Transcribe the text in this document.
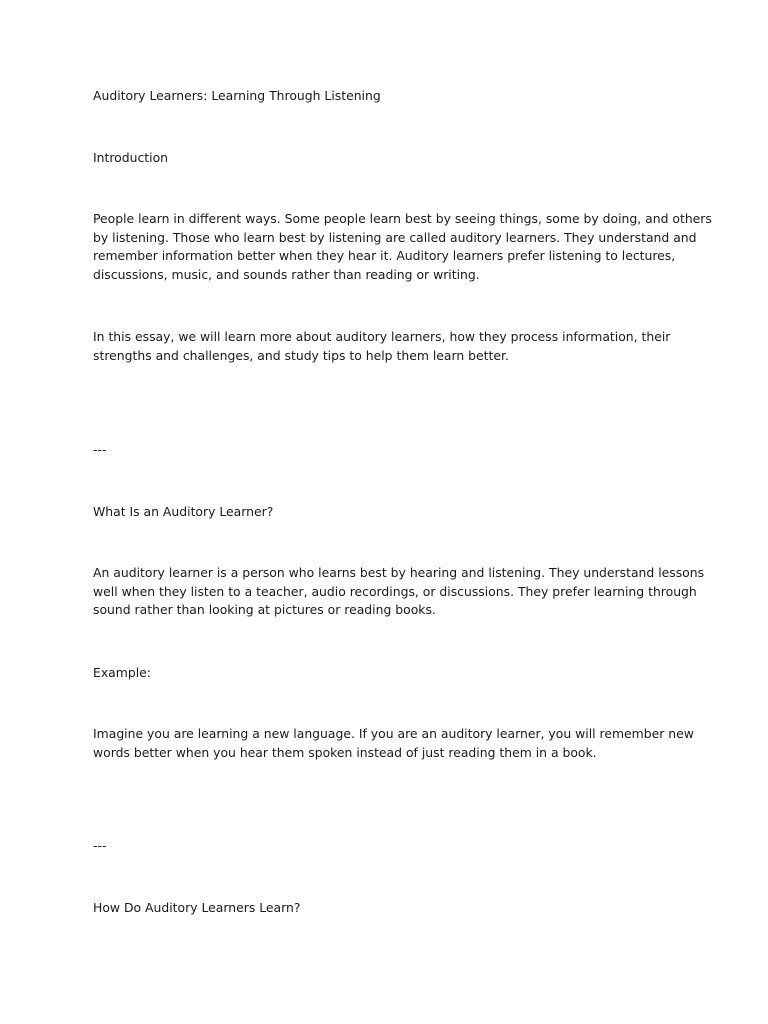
Auditory Learners: Learning Through Listening

Introduction

People learn in different ways. Some people learn best by seeing things, some by doing, and others
by listening. Those who learn best by listening are called auditory learners. They understand and
remember information better when they hear it. Auditory learners prefer listening to lectures,
discussions, music, and sounds rather than reading or writing.
In this essay, we will learn more about auditory learners, how they process information, their
strengths and challenges, and study tips to help them learn better.

---

What Is an Auditory Learner?

An auditory learner is a person who learns best by hearing and listening. They understand lessons
well when they listen to a teacher, audio recordings, or discussions. They prefer learning through
sound rather than looking at pictures or reading books.

Example:

Imagine you are learning a new language. If you are an auditory learner, you will remember new
words better when you hear them spoken instead of just reading them in a book.

---

How Do Auditory Learners Learn?
